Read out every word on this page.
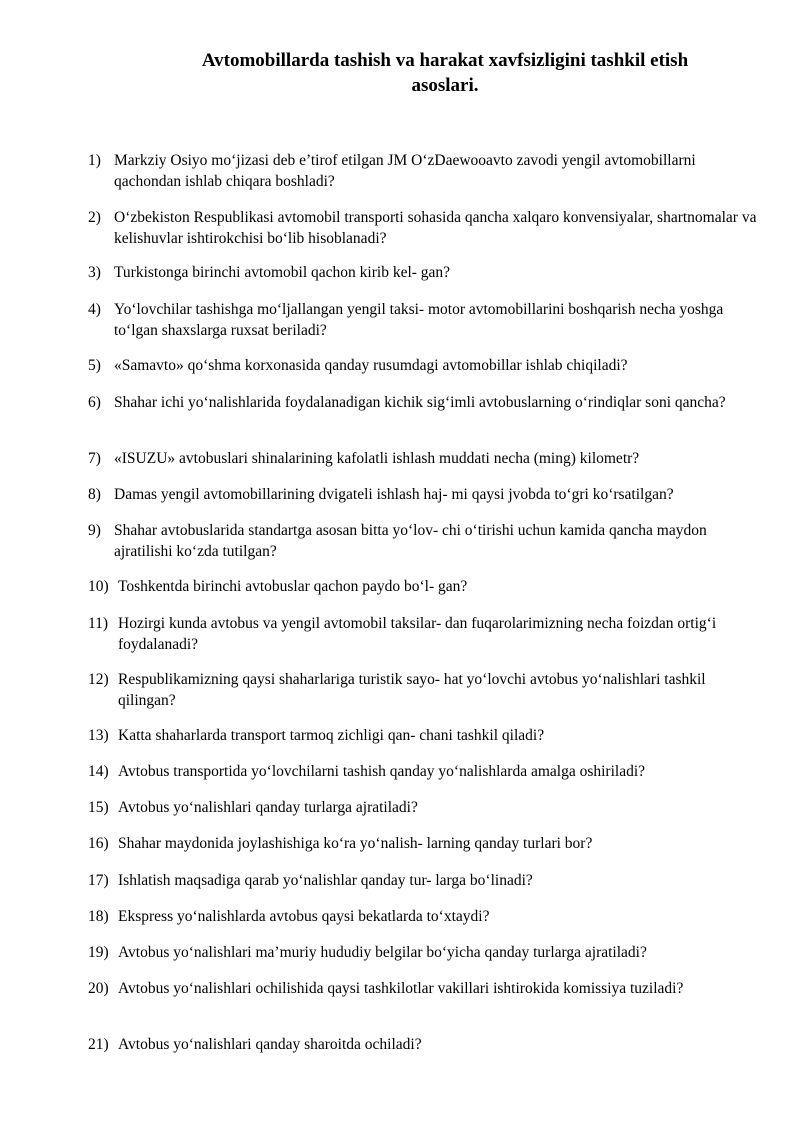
Avtomobillarda tashish va harakat xavfsizligini tashkil etish
asoslari.
1) Markziy Osiyo mo‘jizasi deb e’tirof etilgan JM O‘zDaewooavto zavodi yengil avtomobillarni qachondan ishlab chiqara boshladi?
2) O‘zbekiston Respublikasi avtomobil transporti sohasida qancha xalqaro konvensiyalar, shartnomalar va kelishuvlar ishtirokchisi bo‘lib hisoblanadi?
3) Turkistonga birinchi avtomobil qachon kirib kel- gan?
4) Yo‘lovchilar tashishga mo‘ljallangan yengil taksi- motor avtomobillarini boshqarish necha yoshga to‘lgan shaxslarga ruxsat beriladi?
5) «Samavto» qo‘shma korxonasida qanday rusumdagi avtomobillar ishlab chiqiladi?
6) Shahar ichi yo‘nalishlarida foydalanadigan kichik sig‘imli avtobuslarning o‘rindiqlar soni qancha?
7) «ISUZU» avtobuslari shinalarining kafolatli ishlash muddati necha (ming) kilometr?
8) Damas yengil avtomobillarining dvigateli ishlash haj- mi qaysi jvobda to‘gri ko‘rsatilgan?
9) Shahar avtobuslarida standartga asosan bitta yo‘lov- chi o‘tirishi uchun kamida qancha maydon ajratilishi ko‘zda tutilgan?
10) Toshkentda birinchi avtobuslar qachon paydo bo‘l- gan?
11) Hozirgi kunda avtobus va yengil avtomobil taksilar- dan fuqarolarimizning necha foizdan ortig‘i foydalanadi?
12) Respublikamizning qaysi shaharlariga turistik sayo- hat yo‘lovchi avtobus yo‘nalishlari tashkil qilingan?
13) Katta shaharlarda transport tarmoq zichligi qan- chani tashkil qiladi?
14) Avtobus transportida yo‘lovchilarni tashish qanday yo‘nalishlarda amalga oshiriladi?
15) Avtobus yo‘nalishlari qanday turlarga ajratiladi?
16) Shahar maydonida joylashishiga ko‘ra yo‘nalish- larning qanday turlari bor?
17) Ishlatish maqsadiga qarab yo‘nalishlar qanday tur- larga bo‘linadi?
18) Ekspress yo‘nalishlarda avtobus qaysi bekatlarda to‘xtaydi?
19) Avtobus yo‘nalishlari ma’muriy hududiy belgilar bo‘yicha qanday turlarga ajratiladi?
20) Avtobus yo‘nalishlari ochilishida qaysi tashkilotlar vakillari ishtirokida komissiya tuziladi?
21) Avtobus yo‘nalishlari qanday sharoitda ochiladi?
